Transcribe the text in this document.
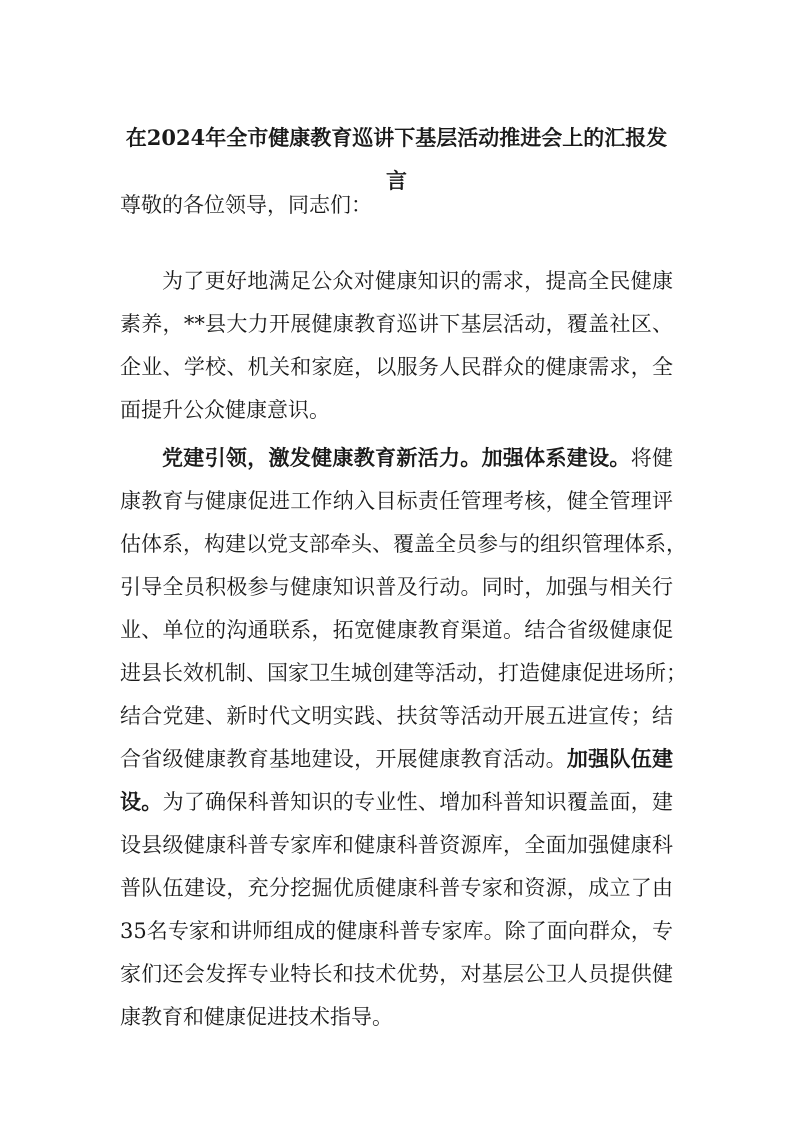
在2024年全市健康教育巡讲下基层活动推进会上的汇报发
言
尊敬的各位领导，同志们：
为了更好地满足公众对健康知识的需求，提高全民健康
素养，**县大力开展健康教育巡讲下基层活动，覆盖社区、
企业、学校、机关和家庭，以服务人民群众的健康需求，全
面提升公众健康意识。
党建引领，激发健康教育新活力。加强体系建设。将健
康教育与健康促进工作纳入目标责任管理考核，健全管理评
估体系，构建以党支部牵头、覆盖全员参与的组织管理体系，
引导全员积极参与健康知识普及行动。同时，加强与相关行
业、单位的沟通联系，拓宽健康教育渠道。结合省级健康促
进县长效机制、国家卫生城创建等活动，打造健康促进场所；
结合党建、新时代文明实践、扶贫等活动开展五进宣传；结
合省级健康教育基地建设，开展健康教育活动。加强队伍建
设。为了确保科普知识的专业性、增加科普知识覆盖面，建
设县级健康科普专家库和健康科普资源库，全面加强健康科
普队伍建设，充分挖掘优质健康科普专家和资源，成立了由
35名专家和讲师组成的健康科普专家库。除了面向群众，专
家们还会发挥专业特长和技术优势，对基层公卫人员提供健
康教育和健康促进技术指导。
